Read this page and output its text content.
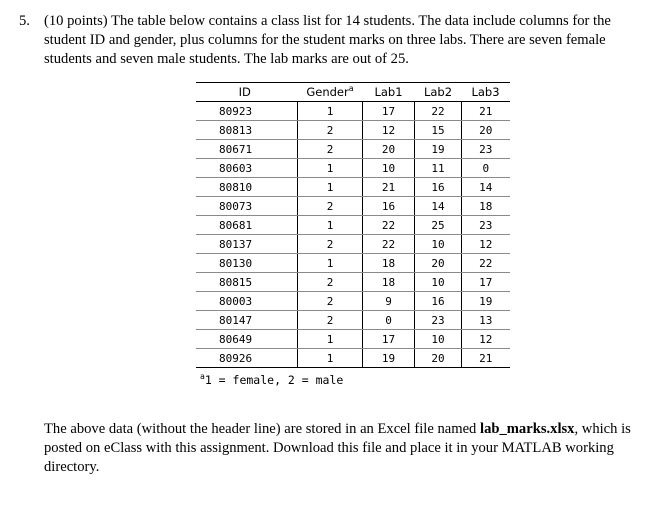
5. (10 points) The table below contains a class list for 14 students. The data include columns for the student ID and gender, plus columns for the student marks on three labs. There are seven female students and seven male students. The lab marks are out of 25.
ID	Gender$^a$	Lab1	Lab2	Lab3
80923	1	17	22	21
80813	2	12	15	20
80671	2	20	19	23
80603	1	10	11	0
80810	1	21	16	14
80073	2	16	14	18
80681	1	22	25	23
80137	2	22	10	12
80130	1	18	20	22
80815	2	18	10	17
80003	2	9	16	19
80147	2	0	23	13
80649	1	17	10	12
80926	1	19	20	21
$^a$1 = female, 2 = male
The above data (without the header line) are stored in an Excel file named lab_marks.xlsx, which is posted on eClass with this assignment. Download this file and place it in your MATLAB working directory.
